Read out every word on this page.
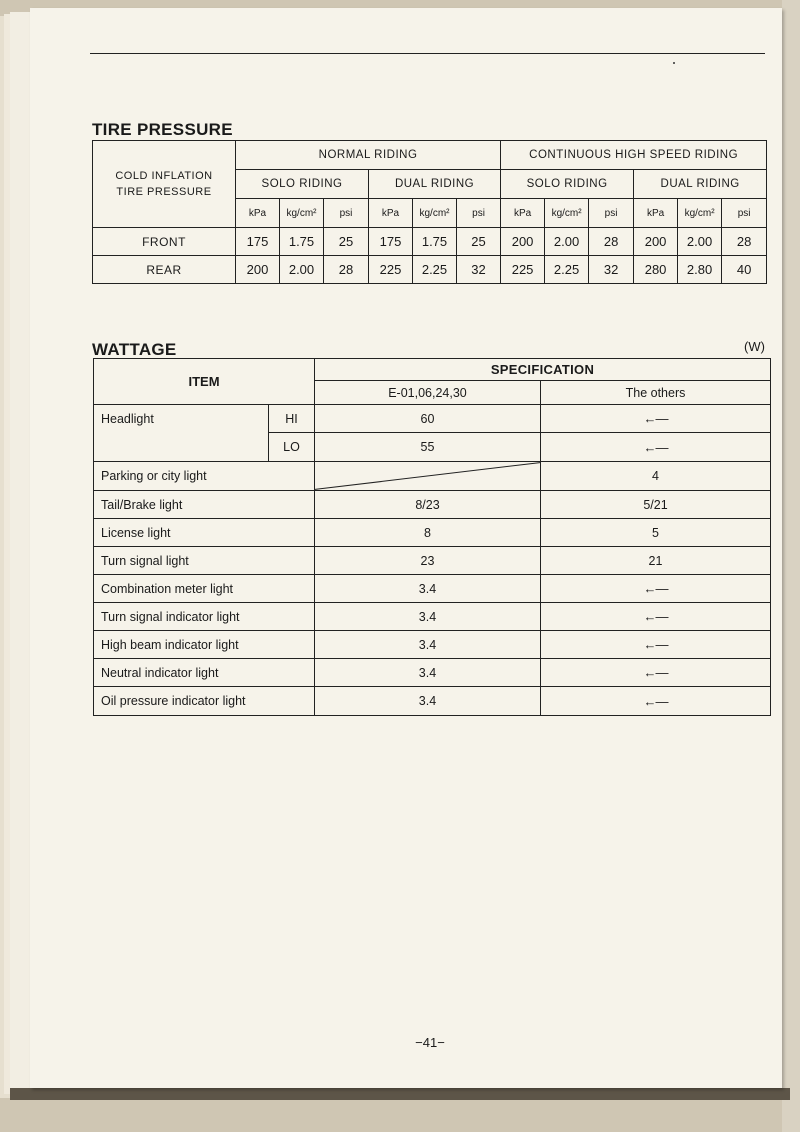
TIRE PRESSURE
COLD INFLATION
TIRE PRESSURE	NORMAL RIDING						CONTINUOUS HIGH SPEED RIDING					
	SOLO RIDING			DUAL RIDING			SOLO RIDING			DUAL RIDING		
	kPa	kg/cm²	psi	kPa	kg/cm²	psi	kPa	kg/cm²	psi	kPa	kg/cm²	psi
FRONT	175	1.75	25	175	1.75	25	200	2.00	28	200	2.00	28
REAR	200	2.00	28	225	2.25	32	225	2.25	32	280	2.80	40
WATTAGE	(W)
ITEM		SPECIFICATION	
		E-01,06,24,30	The others
Headlight	HI	60	←—
	LO	55	←—
Parking or city light			4
Tail/Brake light		8/23	5/21
License light		8	5
Turn signal light		23	21
Combination meter light		3.4	←—
Turn signal indicator light		3.4	←—
High beam indicator light		3.4	←—
Neutral indicator light		3.4	←—
Oil pressure indicator light		3.4	←—
−41−
